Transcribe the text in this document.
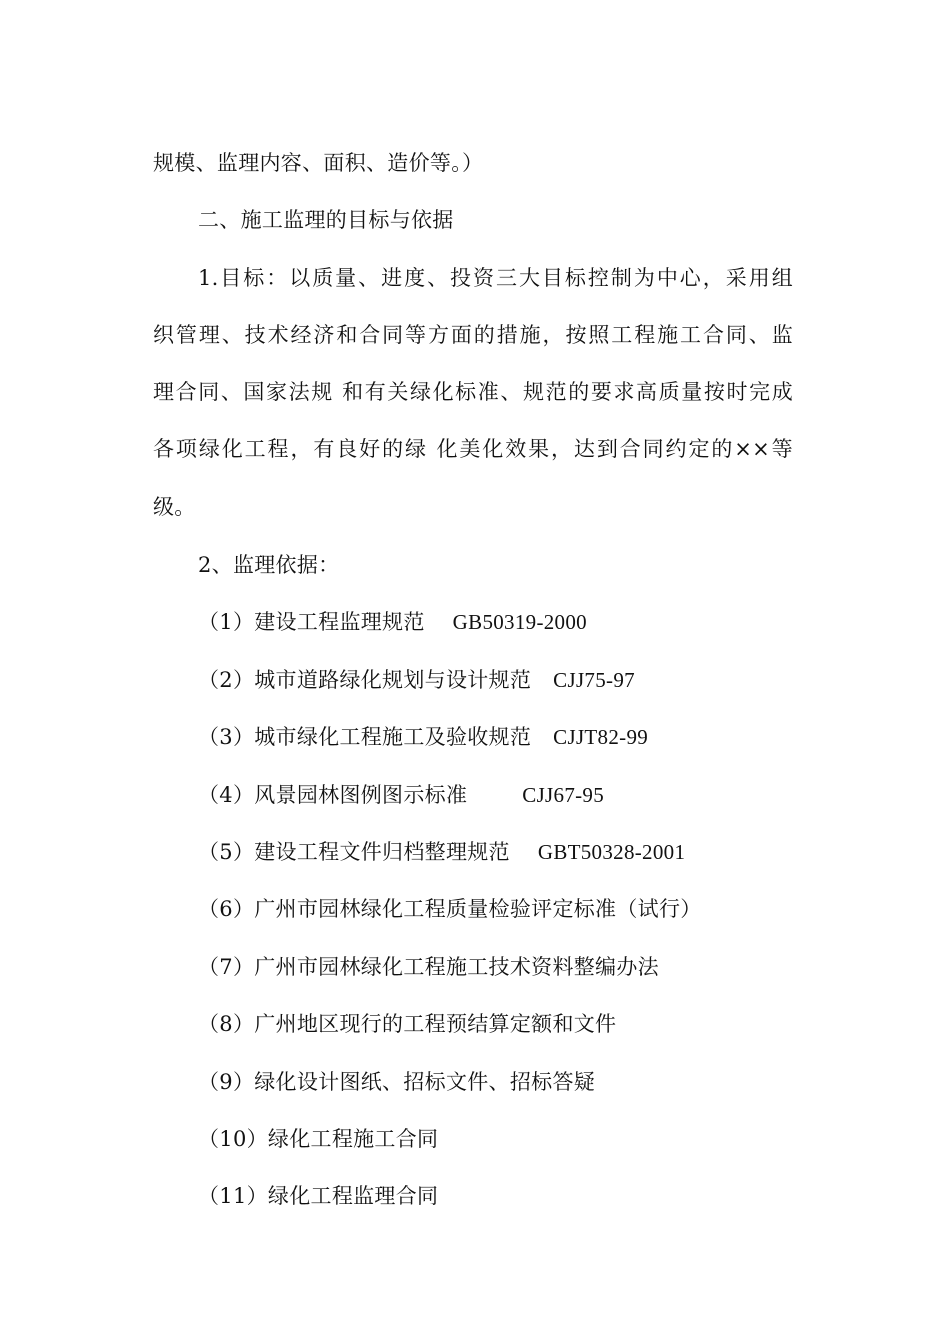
规模、监理内容、面积、造价等。）
二、施工监理的目标与依据
1.目标：以质量、进度、投资三大目标控制为中心，采用组
织管理、技术经济和合同等方面的措施，按照工程施工合同、监
理合同、国家法规 和有关绿化标准、规范的要求高质量按时完成
各项绿化工程，有良好的绿 化美化效果，达到合同约定的××等
级。
2、监理依据：
（1）建设工程监理规范 GB50319-2000
（2）城市道路绿化规划与设计规范 CJJ75-97
（3）城市绿化工程施工及验收规范 CJJT82-99
（4）风景园林图例图示标准	CJJ67-95
（5）建设工程文件归档整理规范 GBT50328-2001
（6）广州市园林绿化工程质量检验评定标准（试行）
（7）广州市园林绿化工程施工技术资料整编办法
（8）广州地区现行的工程预结算定额和文件
（9）绿化设计图纸、招标文件、招标答疑
（10）绿化工程施工合同
（11）绿化工程监理合同
